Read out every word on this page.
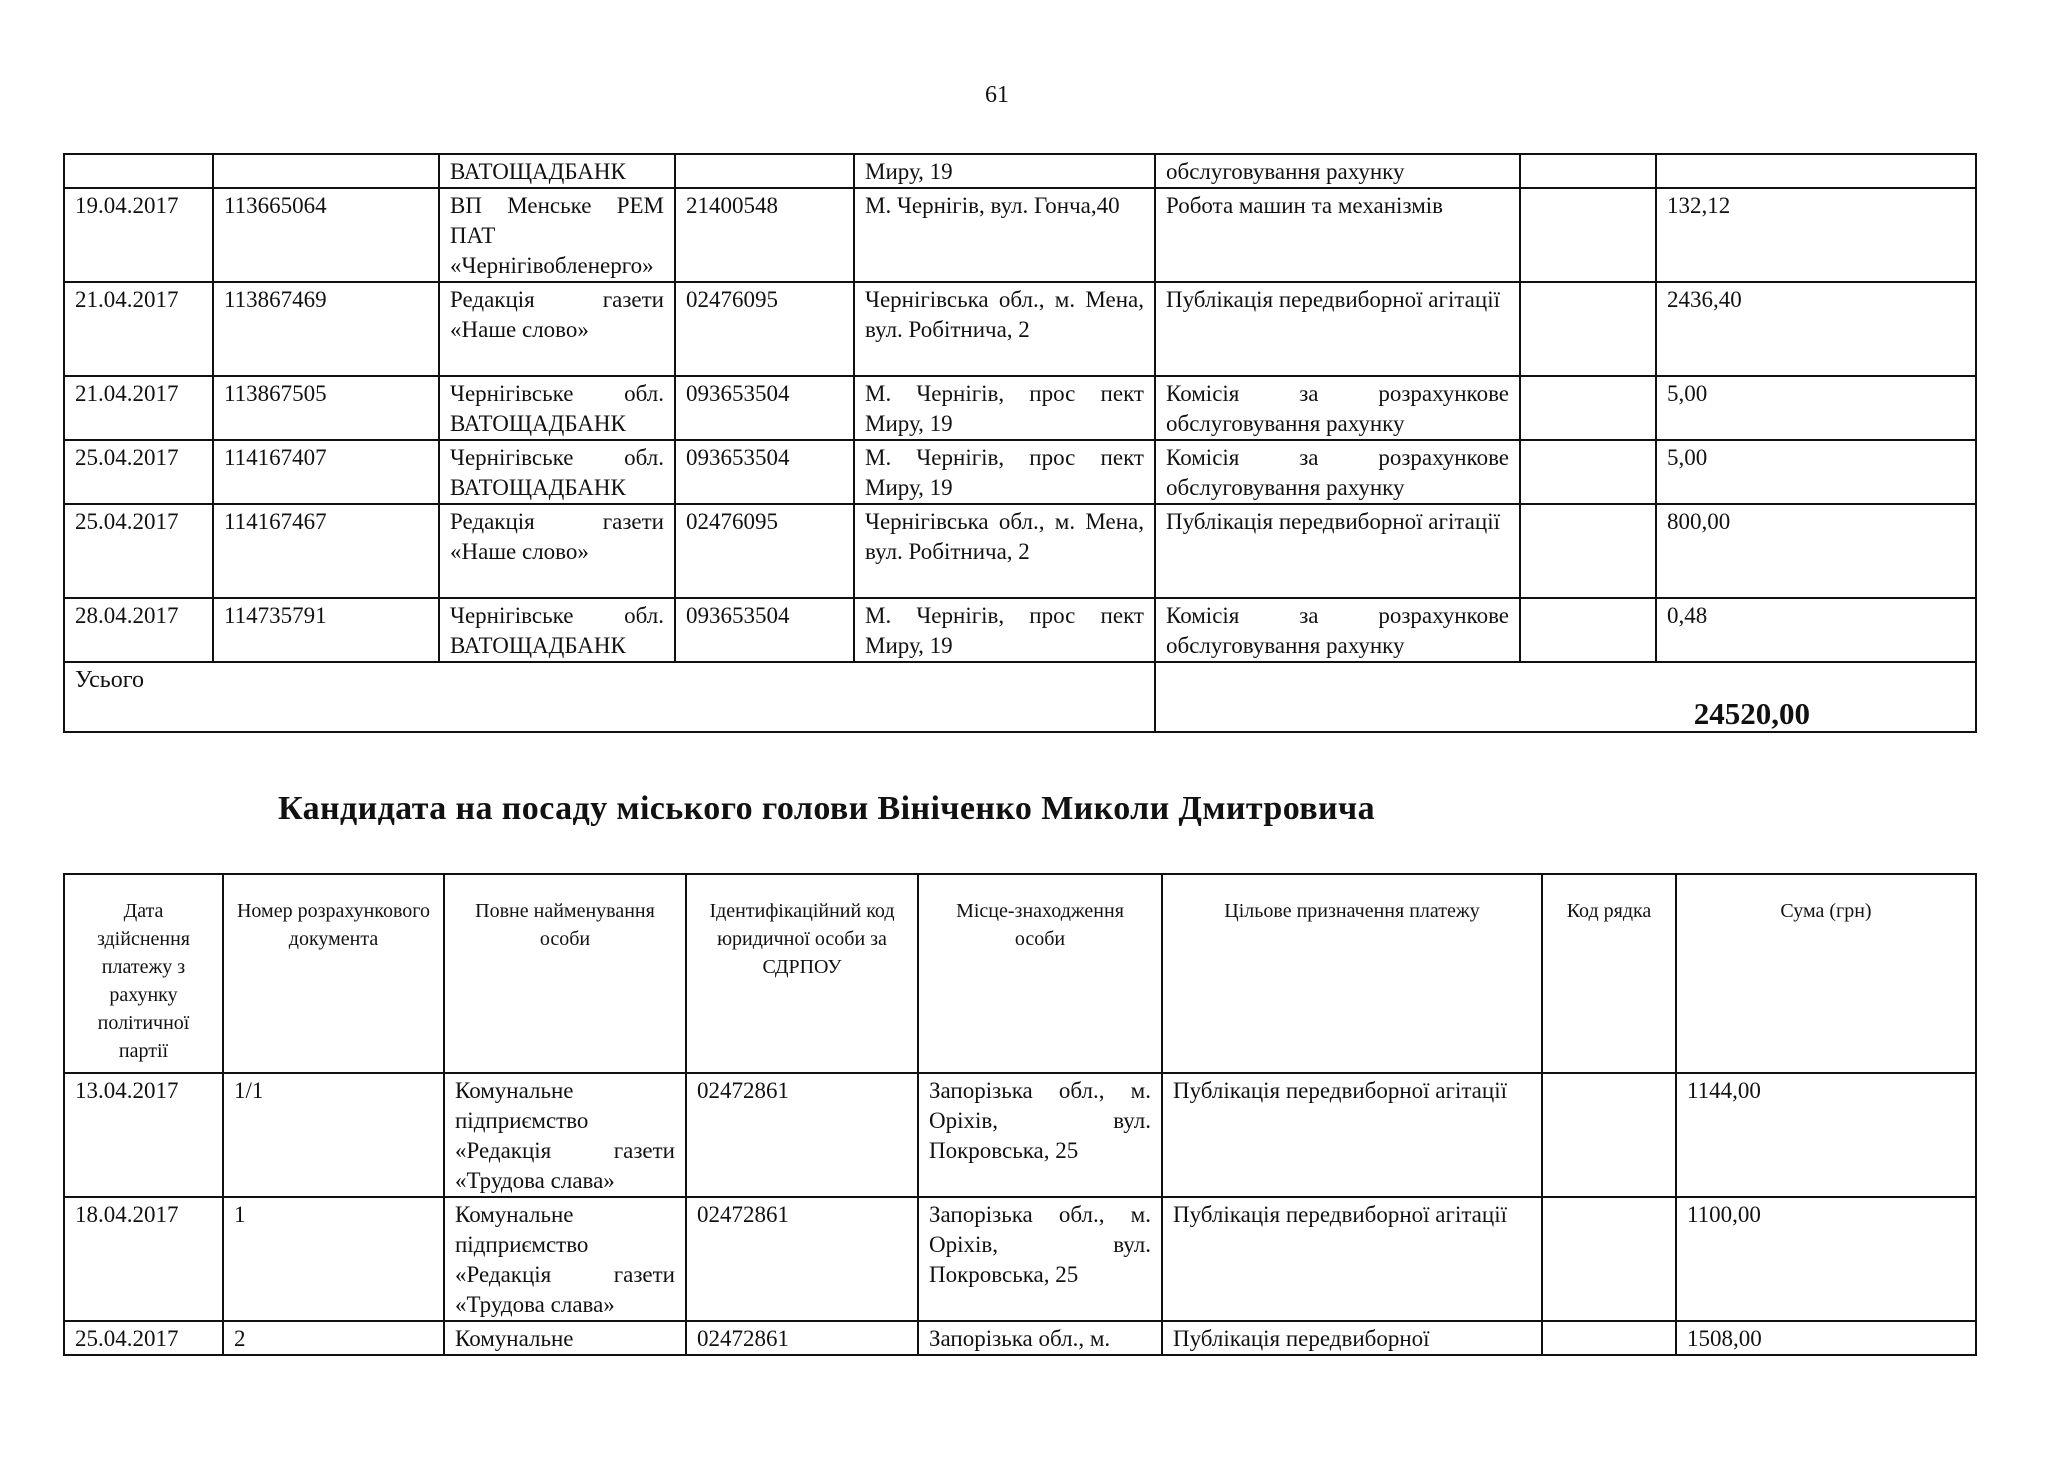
61
		ВАТОЩАДБАНК		Миру, 19	обслуговування рахунку		
19.04.2017	113665064	ВП Менське РЕМ ПАТ «Чернігівобленерго»	21400548	М. Чернігів, вул. Гонча,40	Робота машин та механізмів		132,12
21.04.2017	113867469	Редакція газети «Наше слово»	02476095	Чернігівська обл., м. Мена, вул. Робітнича, 2	Публікація передвиборної агітації		2436,40
21.04.2017	113867505	Чернігівське обл. ВАТОЩАДБАНК	093653504	М. Чернігів, прос пект Миру, 19	Комісія за розрахункове обслуговування рахунку		5,00
25.04.2017	114167407	Чернігівське обл. ВАТОЩАДБАНК	093653504	М. Чернігів, прос пект Миру, 19	Комісія за розрахункове обслуговування рахунку		5,00
25.04.2017	114167467	Редакція газети «Наше слово»	02476095	Чернігівська обл., м. Мена, вул. Робітнича, 2	Публікація передвиборної агітації		800,00
28.04.2017	114735791	Чернігівське обл. ВАТОЩАДБАНК	093653504	М. Чернігів, прос пект Миру, 19	Комісія за розрахункове обслуговування рахунку		0,48
Усього					24520,00		
Кандидата на посаду міського голови Вініченко Миколи Дмитровича
Дата здійснення платежу з рахунку політичної партії	Номер розрахункового документа	Повне найменування особи	Ідентифікаційний код юридичної особи за СДРПОУ	Місце-знаходження особи	Цільове призначення платежу	Код рядка	Сума (грн)
13.04.2017	1/1	Комунальне підприємство «Редакція газети «Трудова слава»	02472861	Запорізька обл., м. Оріхів, вул. Покровська, 25	Публікація передвиборної агітації		1144,00
18.04.2017	1	Комунальне підприємство «Редакція газети «Трудова слава»	02472861	Запорізька обл., м. Оріхів, вул. Покровська, 25	Публікація передвиборної агітації		1100,00
25.04.2017	2	Комунальне	02472861	Запорізька обл., м.	Публікація передвиборної		1508,00
